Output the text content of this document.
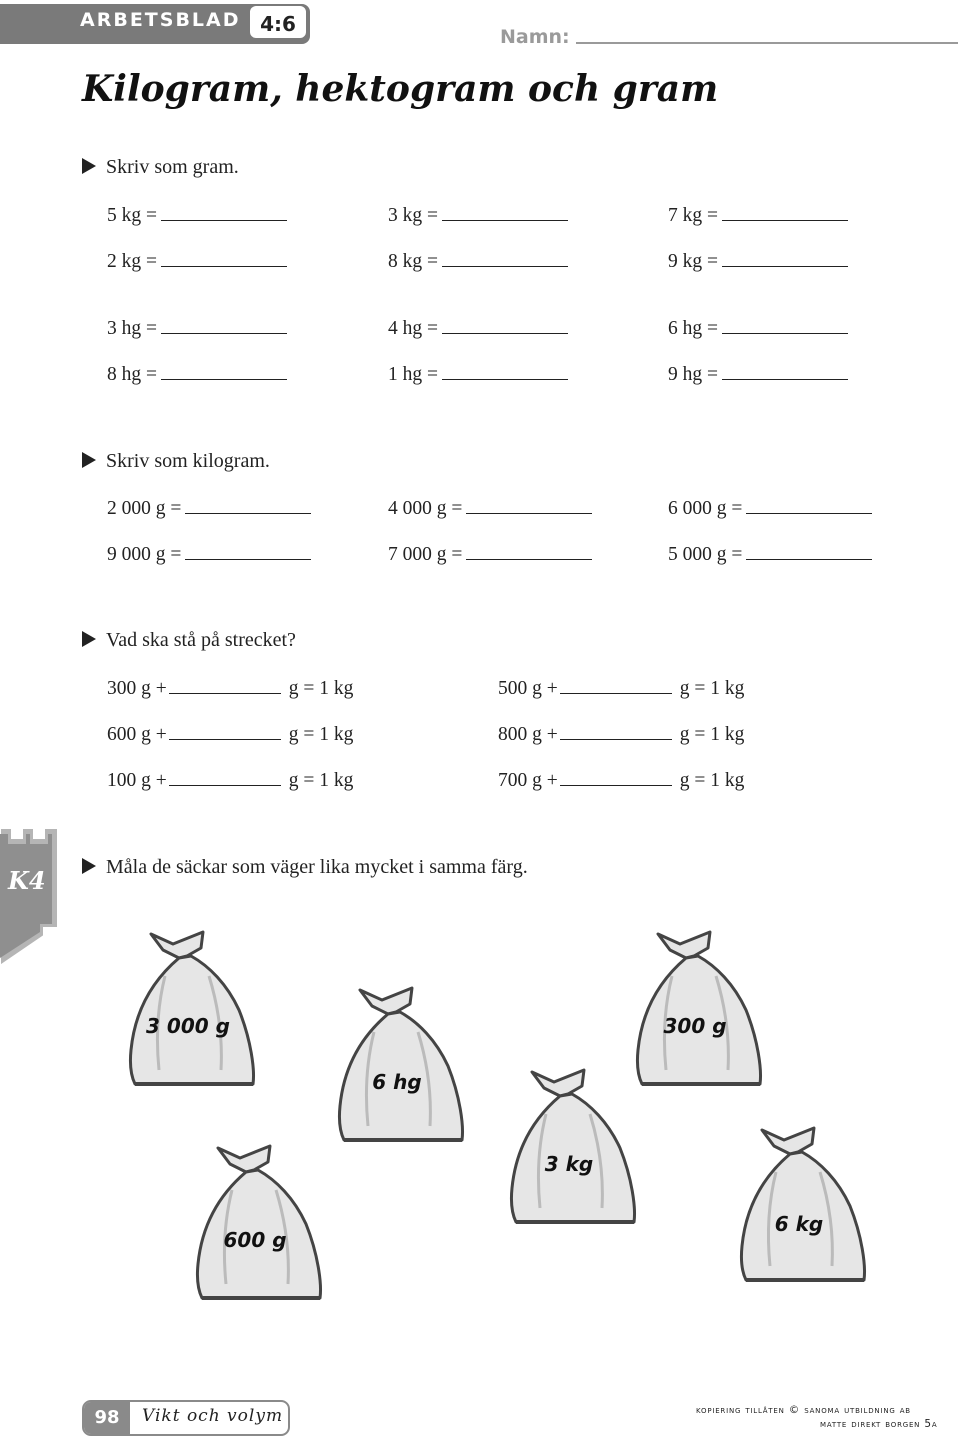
ARBETSBLAD 4:6
Namn:
Kilogram, hektogram och gram
Skriv som gram.
5 kg =	3 kg =	7 kg =
2 kg =	8 kg =	9 kg =
3 hg =	4 hg =	6 hg =
8 hg =	1 hg =	9 hg =
Skriv som kilogram.
2 000 g =	4 000 g =	6 000 g =
9 000 g =	7 000 g =	5 000 g =
Vad ska stå på strecket?
300 g +	g = 1 kg	500 g +	g = 1 kg
600 g +	g = 1 kg	800 g +	g = 1 kg
100 g +	g = 1 kg	700 g +	g = 1 kg
K4	Måla de säckar som väger lika mycket i samma färg.
3 000 g
6 hg
3 kg
600 g
300 g
6 kg
98	Vikt och volym	kopiering tillåten © sanoma utbildning ab
matte direkt borgen 5a
